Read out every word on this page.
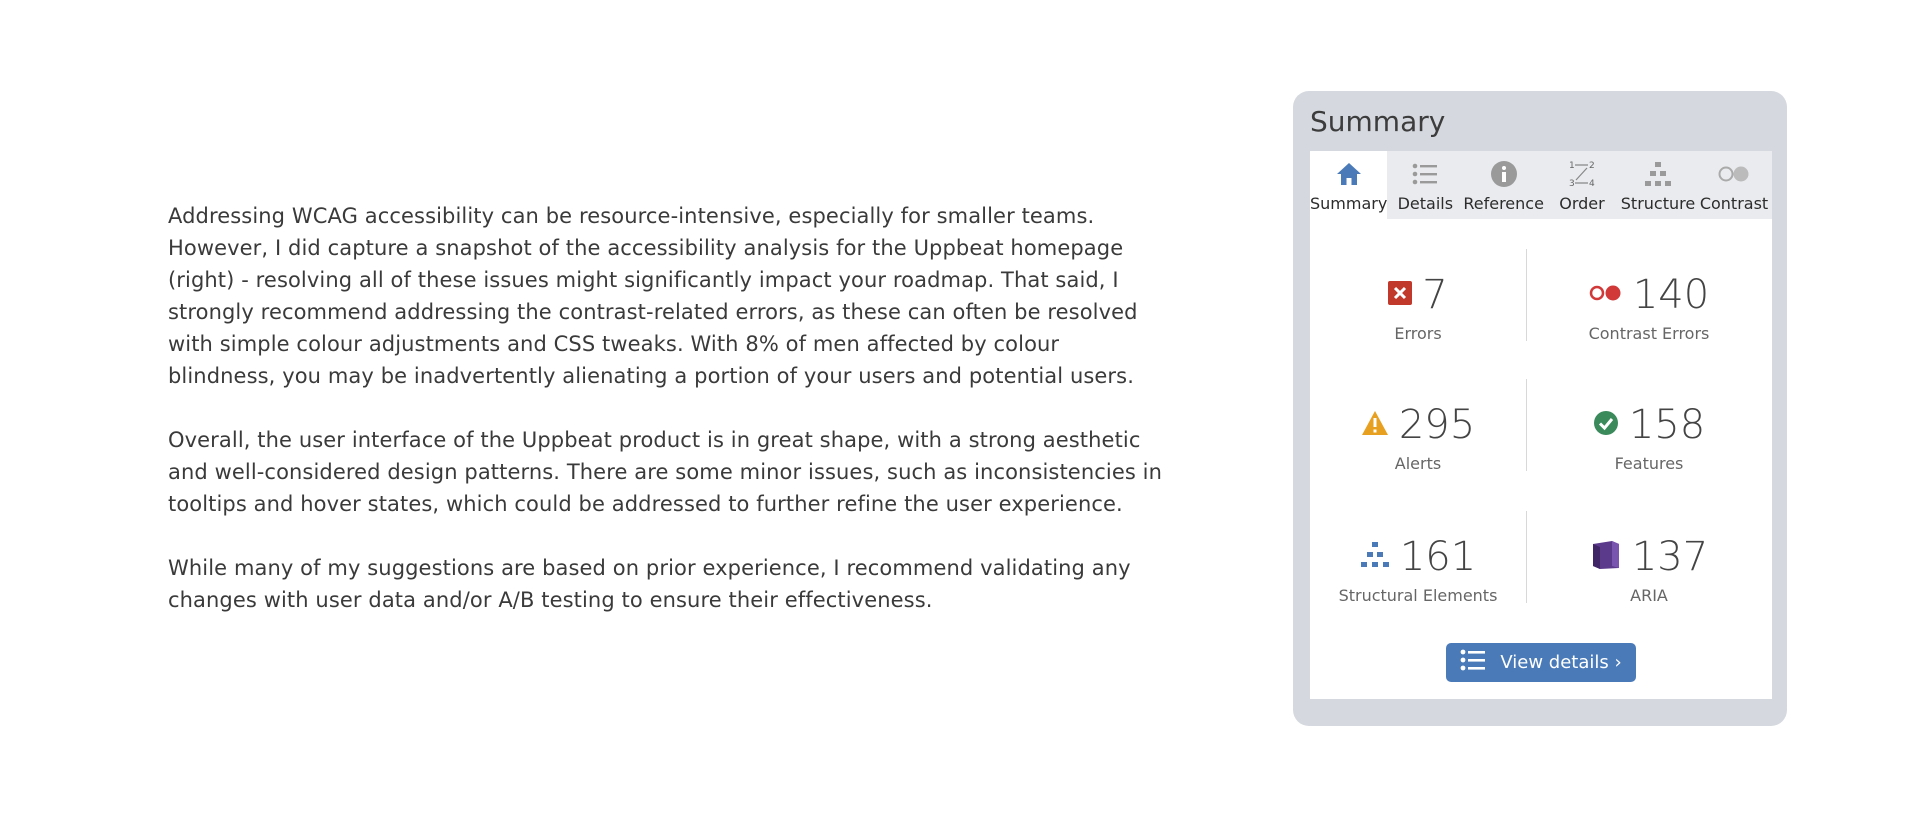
Addressing WCAG accessibility can be resource-intensive, especially for smaller teams. However, I did capture a snapshot of the accessibility analysis for the Uppbeat homepage (right) - resolving all of these issues might significantly impact your roadmap. That said, I strongly recommend addressing the contrast-related errors, as these can often be resolved with simple colour adjustments and CSS tweaks. With 8% of men affected by colour blindness, you may be inadvertently alienating a portion of your users and potential users.

Overall, the user interface of the Uppbeat product is in great shape, with a strong aesthetic and well-considered design patterns. There are some minor issues, such as inconsistencies in tooltips and hover states, which could be addressed to further refine the user experience.

While many of my suggestions are based on prior experience, I recommend validating any changes with user data and/or A/B testing to ensure their effectiveness.

Summary
Summary Details Reference
1 2
3 4
Order Structure Contrast
7
Errors
140
Contrast Errors
295
Alerts
158
Features
161
Structural Elements
137
ARIA
View details ›
